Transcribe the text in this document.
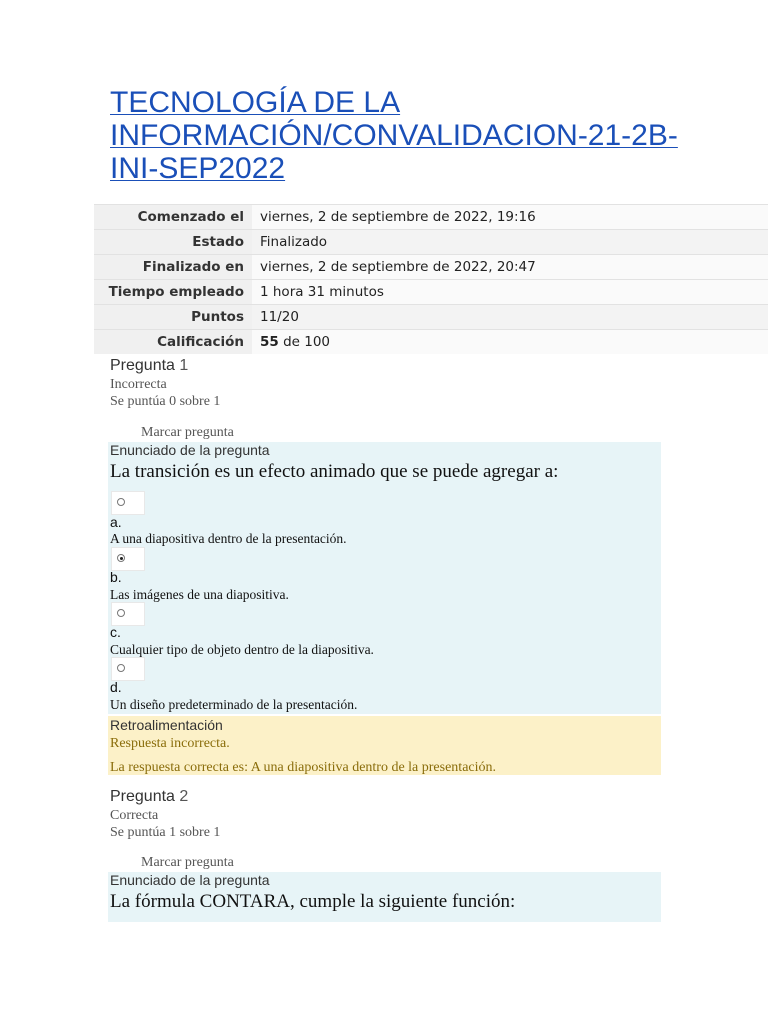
TECNOLOGÍA DE LA INFORMACIÓN/CONVALIDACION-21-2B-INI-SEP2022
Comenzado el	viernes, 2 de septiembre de 2022, 19:16
Estado	Finalizado
Finalizado en	viernes, 2 de septiembre de 2022, 20:47
Tiempo empleado	1 hora 31 minutos
Puntos	11/20
Calificación	55 de 100
Pregunta 1
Incorrecta
Se puntúa 0 sobre 1
Marcar pregunta
Enunciado de la pregunta
La transición es un efecto animado que se puede agregar a:
a.
A una diapositiva dentro de la presentación.
b.
Las imágenes de una diapositiva.
c.
Cualquier tipo de objeto dentro de la diapositiva.
d.
Un diseño predeterminado de la presentación.
Retroalimentación
Respuesta incorrecta.
La respuesta correcta es: A una diapositiva dentro de la presentación.
Pregunta 2
Correcta
Se puntúa 1 sobre 1
Marcar pregunta
Enunciado de la pregunta
La fórmula CONTARA, cumple la siguiente función:
